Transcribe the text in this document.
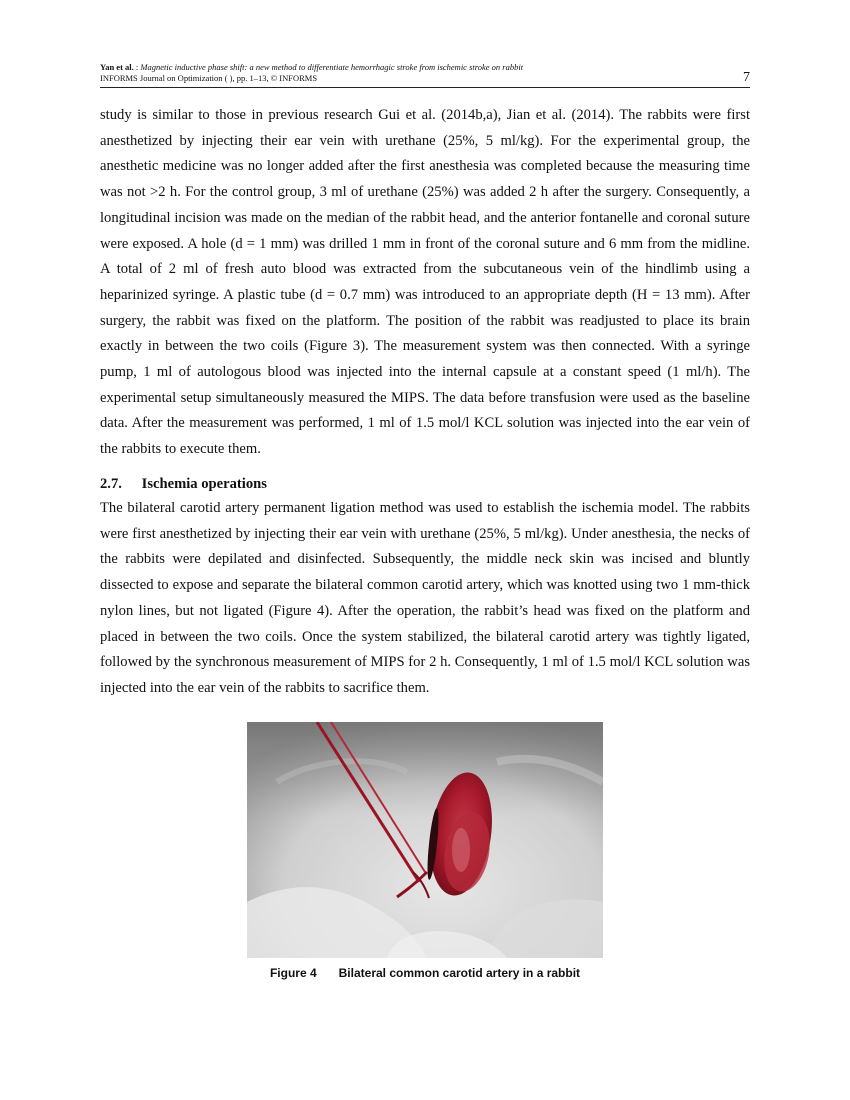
Yan et al. : Magnetic inductive phase shift: a new method to differentiate hemorrhagic stroke from ischemic stroke on rabbit
INFORMS Journal on Optimization ( ), pp. 1–13, © INFORMS	7

study is similar to those in previous research Gui et al. (2014b,a), Jian et al. (2014). The rabbits were first anesthetized by injecting their ear vein with urethane (25%, 5 ml/kg). For the experimental group, the anesthetic medicine was no longer added after the first anesthesia was completed because the measuring time was not >2 h. For the control group, 3 ml of urethane (25%) was added 2 h after the surgery. Consequently, a longitudinal incision was made on the median of the rabbit head, and the anterior fontanelle and coronal suture were exposed. A hole (d = 1 mm) was drilled 1 mm in front of the coronal suture and 6 mm from the midline. A total of 2 ml of fresh auto blood was extracted from the subcutaneous vein of the hindlimb using a heparinized syringe. A plastic tube (d = 0.7 mm) was introduced to an appropriate depth (H = 13 mm). After surgery, the rabbit was fixed on the platform. The position of the rabbit was readjusted to place its brain exactly in between the two coils (Figure 3). The measurement system was then connected. With a syringe pump, 1 ml of autologous blood was injected into the internal capsule at a constant speed (1 ml/h). The experimental setup simultaneously measured the MIPS. The data before transfusion were used as the baseline data. After the measurement was performed, 1 ml of 1.5 mol/l KCL solution was injected into the ear vein of the rabbits to execute them.

2.7. Ischemia operations

The bilateral carotid artery permanent ligation method was used to establish the ischemia model. The rabbits were first anesthetized by injecting their ear vein with urethane (25%, 5 ml/kg). Under anesthesia, the necks of the rabbits were depilated and disinfected. Subsequently, the middle neck skin was incised and bluntly dissected to expose and separate the bilateral common carotid artery, which was knotted using two 1 mm-thick nylon lines, but not ligated (Figure 4). After the operation, the rabbit’s head was fixed on the platform and placed in between the two coils. Once the system stabilized, the bilateral carotid artery was tightly ligated, followed by the synchronous measurement of MIPS for 2 h. Consequently, 1 ml of 1.5 mol/l KCL solution was injected into the ear vein of the rabbits to sacrifice them.

Figure 4 Bilateral common carotid artery in a rabbit
